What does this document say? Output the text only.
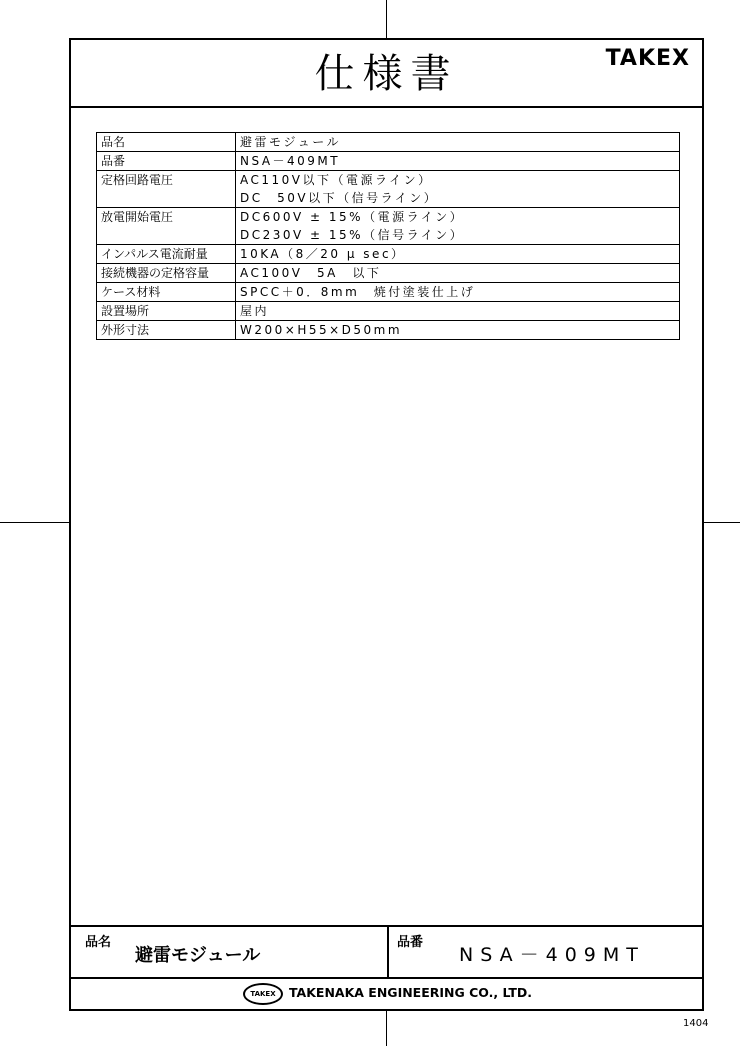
仕様書	TAKEX
品名	避雷モジュール

品番	NSA－409MT

定格回路電圧	AC110V以下（電源ライン）
DC　50V以下（信号ライン）

放電開始電圧	DC600V ± 15%（電源ライン）
DC230V ± 15%（信号ライン）

インパルス電流耐量	10KA（8／20 μ sec）

接続機器の定格容量	AC100V　5A　以下

ケース材料	SPCC＋0．8mm　焼付塗装仕上げ

設置場所	屋内

外形寸法	W200×H55×D50mm
品名
避雷モジュール
品番
NSA－409MT
TAKEX	TAKENAKA ENGINEERING CO., LTD.
1404
